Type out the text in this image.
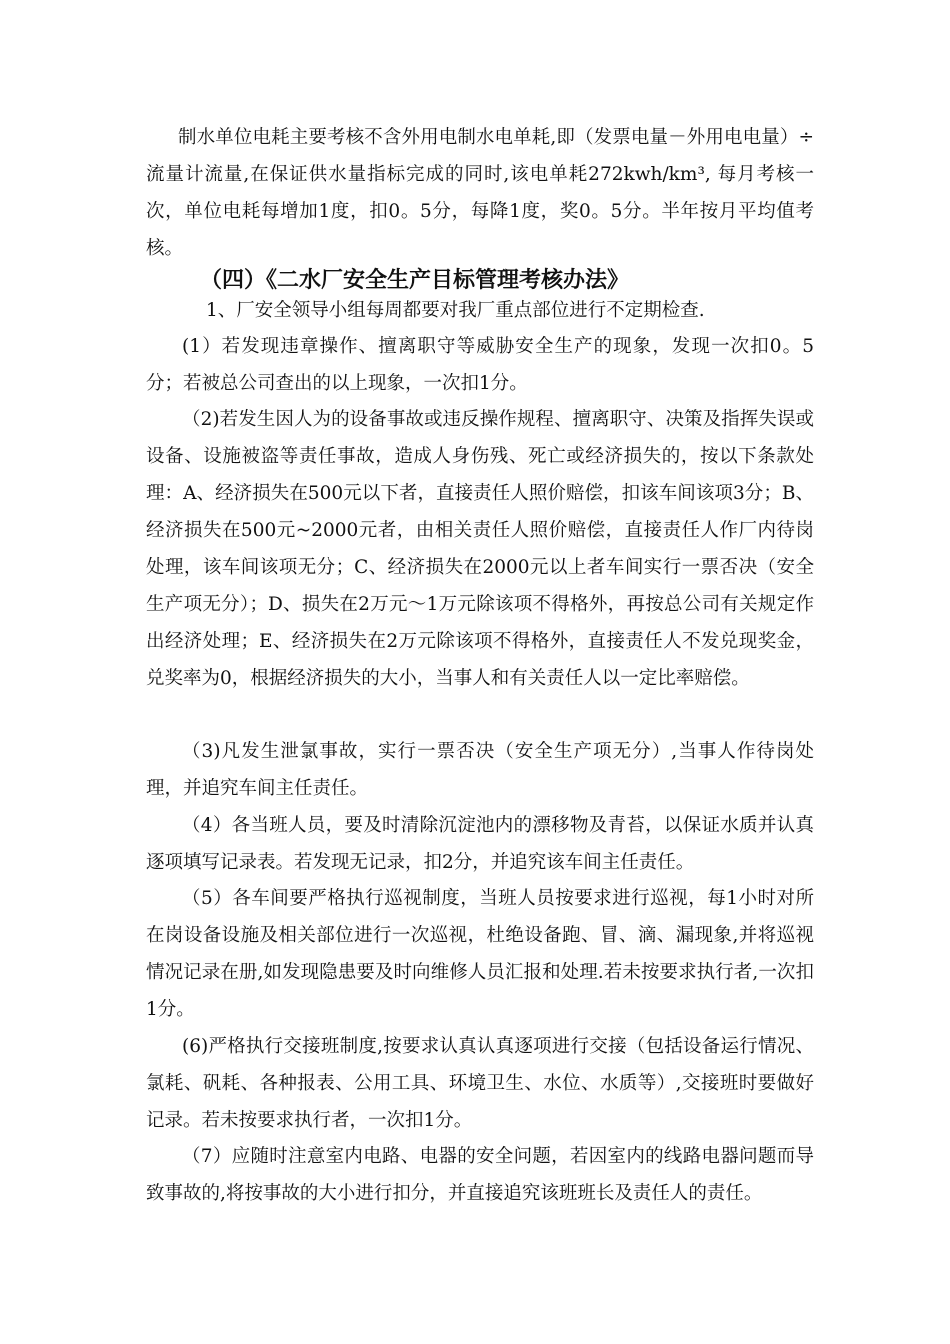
制水单位电耗主要考核不含外用电制水电单耗,即（发票电量－外用电电量）÷流量计流量,在保证供水量指标完成的同时,该电单耗272kwh/km³, 每月考核一次，单位电耗每增加1度，扣0。5分，每降1度，奖0。5分。半年按月平均值考核。

（四）《二水厂安全生产目标管理考核办法》

1、厂安全领导小组每周都要对我厂重点部位进行不定期检查.

(1）若发现违章操作、擅离职守等威胁安全生产的现象，发现一次扣0。5分；若被总公司查出的以上现象，一次扣1分。

（2)若发生因人为的设备事故或违反操作规程、擅离职守、决策及指挥失误或设备、设施被盗等责任事故，造成人身伤残、死亡或经济损失的，按以下条款处理：A、经济损失在500元以下者，直接责任人照价赔偿，扣该车间该项3分；B、经济损失在500元~2000元者，由相关责任人照价赔偿，直接责任人作厂内待岗处理，该车间该项无分；C、经济损失在2000元以上者车间实行一票否决（安全生产项无分）；D、损失在2万元～1万元除该项不得格外，再按总公司有关规定作出经济处理；E、经济损失在2万元除该项不得格外，直接责任人不发兑现奖金，兑奖率为0，根据经济损失的大小，当事人和有关责任人以一定比率赔偿。

（3)凡发生泄氯事故，实行一票否决（安全生产项无分）,当事人作待岗处理，并追究车间主任责任。

（4）各当班人员，要及时清除沉淀池内的漂移物及青苔，以保证水质并认真逐项填写记录表。若发现无记录，扣2分，并追究该车间主任责任。

（5）各车间要严格执行巡视制度，当班人员按要求进行巡视，每1小时对所在岗设备设施及相关部位进行一次巡视，杜绝设备跑、冒、滴、漏现象,并将巡视情况记录在册,如发现隐患要及时向维修人员汇报和处理.若未按要求执行者,一次扣1分。

(6)严格执行交接班制度,按要求认真认真逐项进行交接（包括设备运行情况、氯耗、矾耗、各种报表、公用工具、环境卫生、水位、水质等）,交接班时要做好记录。若未按要求执行者，一次扣1分。

（7）应随时注意室内电路、电器的安全问题，若因室内的线路电器问题而导致事故的,将按事故的大小进行扣分，并直接追究该班班长及责任人的责任。
